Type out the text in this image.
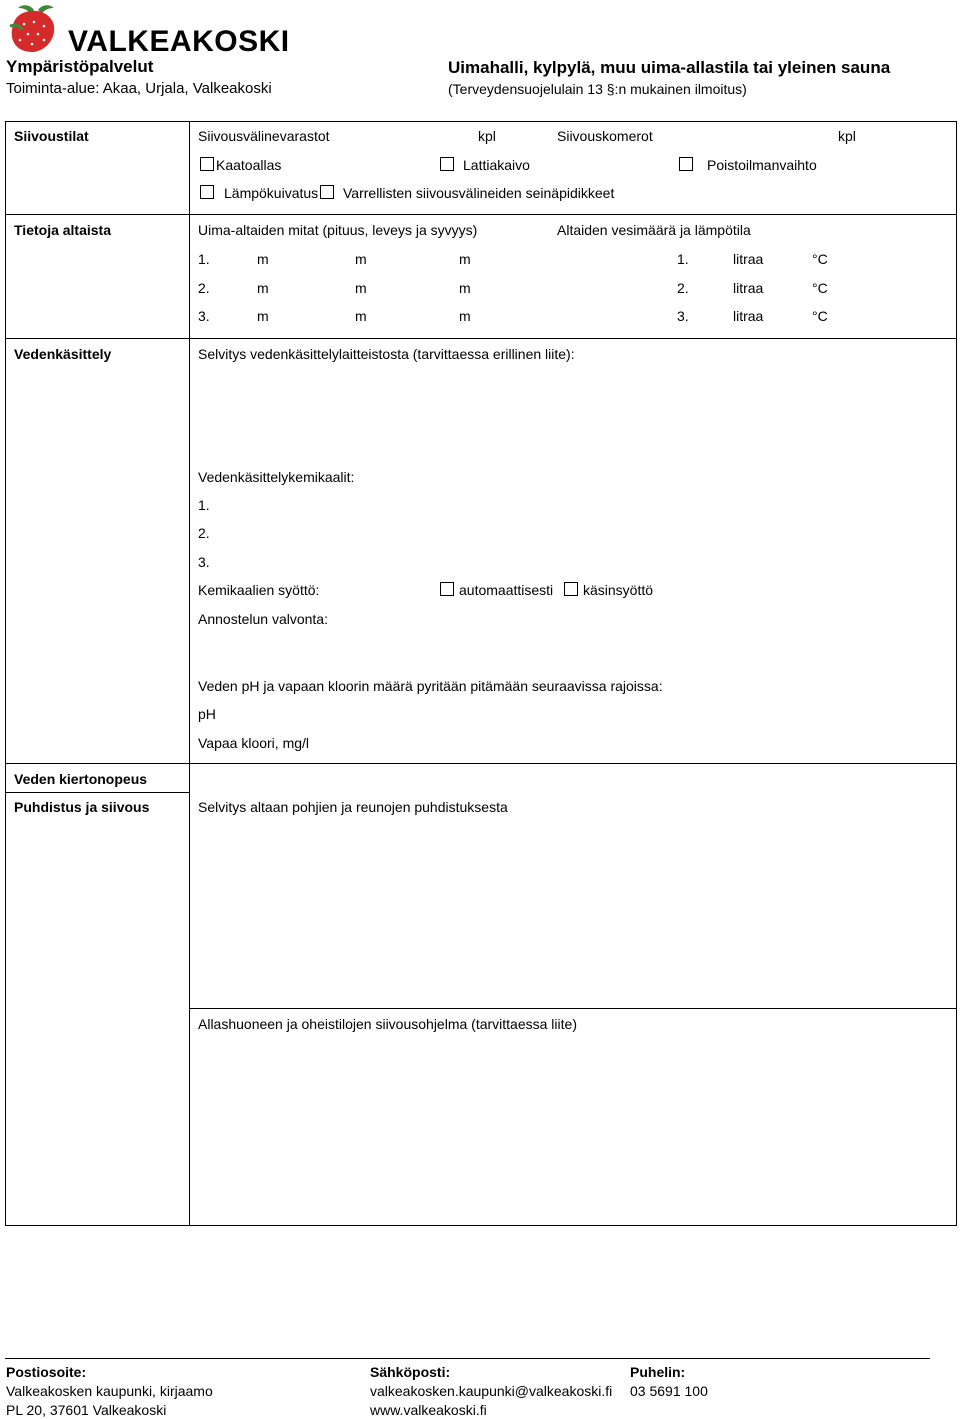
VALKEAKOSKI
Ympäristöpalvelut
Toiminta-alue: Akaa, Urjala, Valkeakoski
Uimahalli, kylpylä, muu uima-allastila tai yleinen sauna
(Terveydensuojelulain 13 §:n mukainen ilmoitus)
Siivoustilat	Siivousvälinevarastot	kpl	Siivouskomerot	kpl
Kaatoallas	Lattiakaivo	Poistoilmanvaihto
Lämpökuivatus Varrellisten siivousvälineiden seinäpidikkeet
Tietoja altaista	Uima-altaiden mitat (pituus, leveys ja syvyys)	Altaiden vesimäärä ja lämpötila
1.	m	m	m	1.	litraa	°C
2.	m	m	m	2.	litraa	°C
3.	m	m	m	3.	litraa	°C
Vedenkäsittely	Selvitys vedenkäsittelylaitteistosta (tarvittaessa erillinen liite):
Vedenkäsittelykemikaalit:
1.
2.
3.
Kemikaalien syöttö:	automaattisesti käsinsyöttö
Annostelun valvonta:
Veden pH ja vapaan kloorin määrä pyritään pitämään seuraavissa rajoissa:
pH
Vapaa kloori, mg/l
Veden kiertonopeus
Puhdistus ja siivous	Selvitys altaan pohjien ja reunojen puhdistuksesta
Allashuoneen ja oheistilojen siivousohjelma (tarvittaessa liite)
Postiosoite:
Valkeakosken kaupunki, kirjaamo
PL 20, 37601 Valkeakoski
Sähköposti:
valkeakosken.kaupunki@valkeakoski.fi
www.valkeakoski.fi
Puhelin:
03 5691 100
